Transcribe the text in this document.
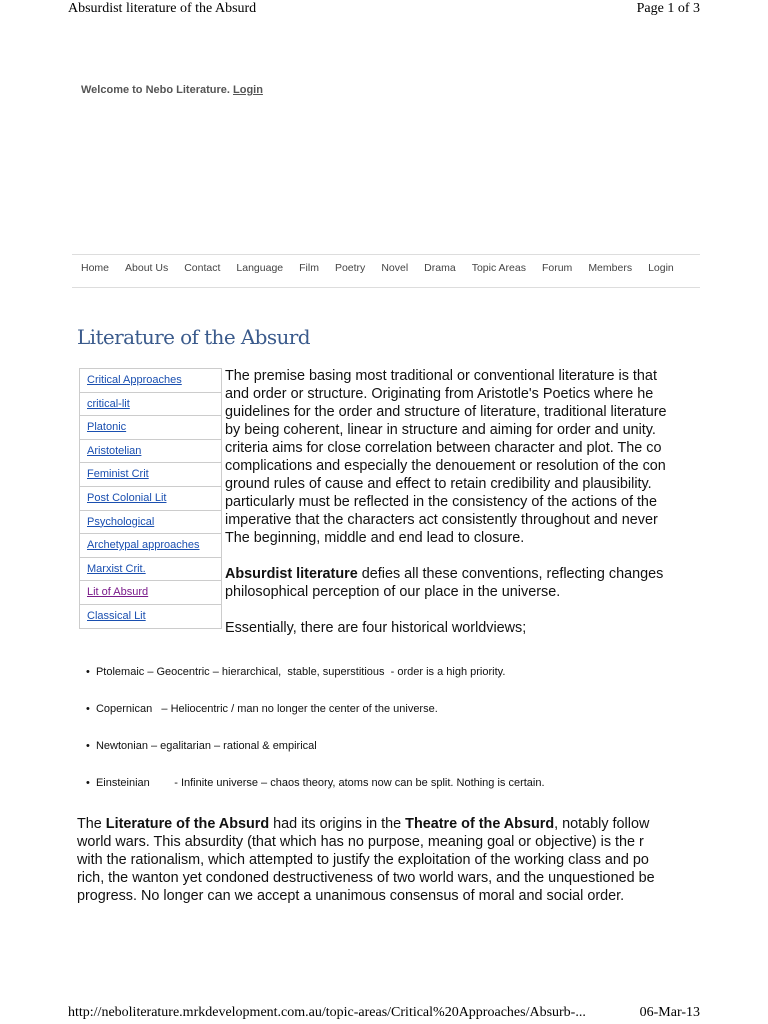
Absurdist literature of the Absurd	Page 1 of 3
Welcome to Nebo Literature. Login
Home About Us Contact Language Film Poetry Novel Drama Topic Areas Forum Members Login
Literature of the Absurd
Critical Approaches
critical-lit
Platonic
Aristotelian
Feminist Crit
Post Colonial Lit
Psychological
Archetypal approaches
Marxist Crit.
Lit of Absurd
Classical Lit

The premise basing most traditional or conventional literature is that

and order or structure. Originating from Aristotle's Poetics where he

guidelines for the order and structure of literature, traditional literature

by being coherent, linear in structure and aiming for order and unity.

criteria aims for close correlation between character and plot. The co

complications and especially the denouement or resolution of the con

ground rules of cause and effect to retain credibility and plausibility.

particularly must be reflected in the consistency of the actions of the

imperative that the characters act consistently throughout and never

The beginning, middle and end lead to closure.

Absurdist literature defies all these conventions, reflecting changes

philosophical perception of our place in the universe.

Essentially, there are four historical worldviews;

•  Ptolemaic – Geocentric – hierarchical,  stable, superstitious  - order is a high priority.
•  Copernican   – Heliocentric / man no longer the center of the universe.
•  Newtonian – egalitarian – rational & empirical
•  Einsteinian        - Infinite universe – chaos theory, atoms now can be split. Nothing is certain.

The Literature of the Absurd had its origins in the Theatre of the Absurd, notably follow

world wars. This absurdity (that which has no purpose, meaning goal or objective) is the r

with the rationalism, which attempted to justify the exploitation of the working class and po

rich, the wanton yet condoned destructiveness of two world wars, and the unquestioned be

progress. No longer can we accept a unanimous consensus of moral and social order.

http://neboliterature.mrkdevelopment.com.au/topic-areas/Critical%20Approaches/Absurb-...	06-Mar-13
